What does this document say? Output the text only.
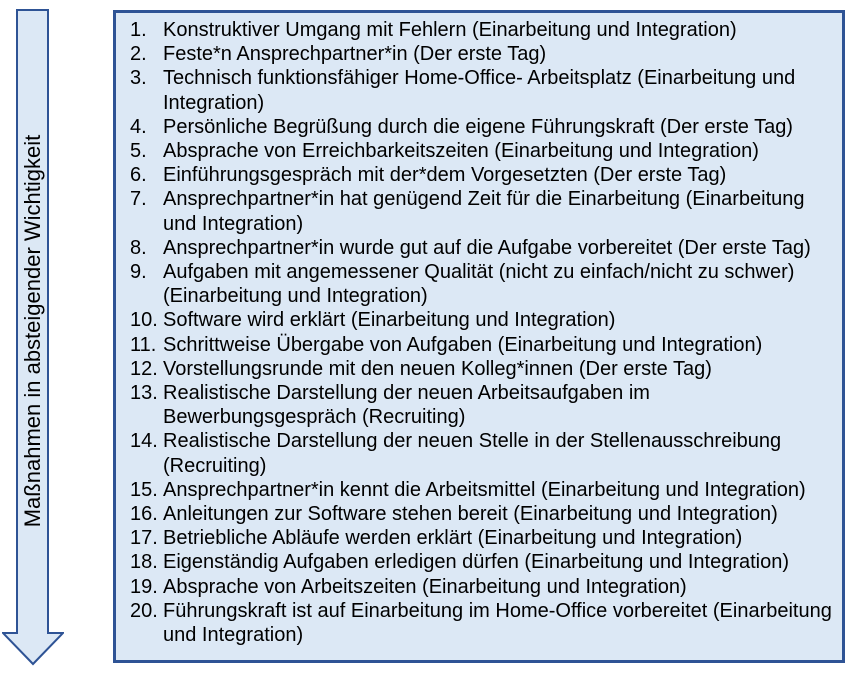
Maßnahmen in absteigender Wichtigkeit
1. Konstruktiver Umgang mit Fehlern (Einarbeitung und Integration)
2. Feste*n Ansprechpartner*in (Der erste Tag)
3. Technisch funktionsfähiger Home-Office- Arbeitsplatz (Einarbeitung und Integration)
4. Persönliche Begrüßung durch die eigene Führungskraft (Der erste Tag)
5. Absprache von Erreichbarkeitszeiten (Einarbeitung und Integration)
6. Einführungsgespräch mit der*dem Vorgesetzten (Der erste Tag)
7. Ansprechpartner*in hat genügend Zeit für die Einarbeitung (Einarbeitung und Integration)
8. Ansprechpartner*in wurde gut auf die Aufgabe vorbereitet (Der erste Tag)
9. Aufgaben mit angemessener Qualität (nicht zu einfach/nicht zu schwer) (Einarbeitung und Integration)
10. Software wird erklärt (Einarbeitung und Integration)
11. Schrittweise Übergabe von Aufgaben (Einarbeitung und Integration)
12. Vorstellungsrunde mit den neuen Kolleg*innen (Der erste Tag)
13. Realistische Darstellung der neuen Arbeitsaufgaben im Bewerbungsgespräch (Recruiting)
14. Realistische Darstellung der neuen Stelle in der Stellenausschreibung (Recruiting)
15. Ansprechpartner*in kennt die Arbeitsmittel (Einarbeitung und Integration)
16. Anleitungen zur Software stehen bereit (Einarbeitung und Integration)
17. Betriebliche Abläufe werden erklärt (Einarbeitung und Integration)
18. Eigenständig Aufgaben erledigen dürfen (Einarbeitung und Integration)
19. Absprache von Arbeitszeiten (Einarbeitung und Integration)
20. Führungskraft ist auf Einarbeitung im Home-Office vorbereitet (Einarbeitung und Integration)
